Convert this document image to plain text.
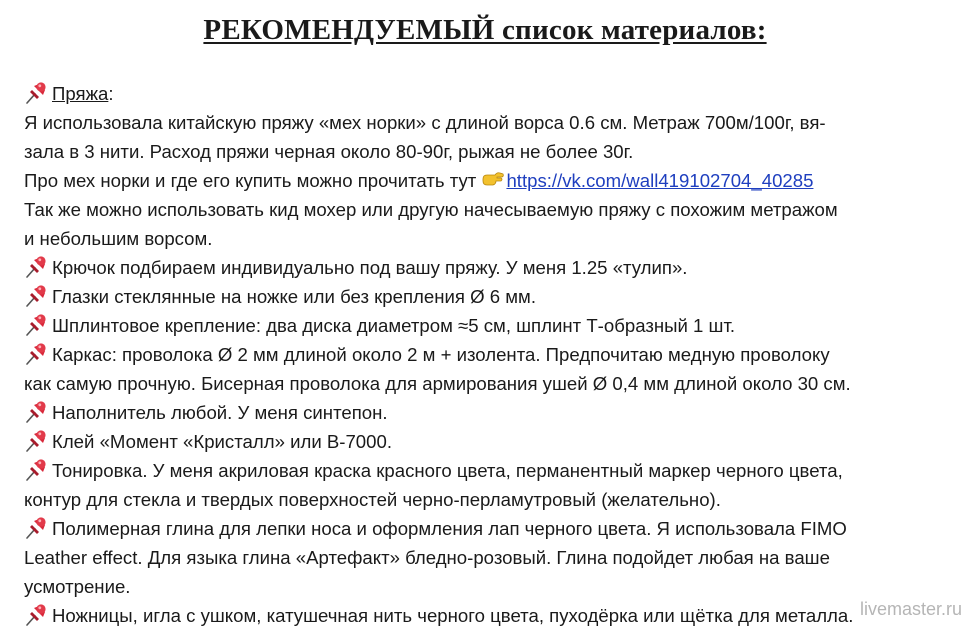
РЕКОМЕНДУЕМЫЙ список материалов:
Пряжа:
Я использовала китайскую пряжу «мех норки» с длиной ворса 0.6 см. Метраж 700м/100г, вя-
зала в 3 нити. Расход пряжи черная около 80-90г, рыжая не более 30г.
Про мех норки и где его купить можно прочитать тут
https://vk.com/wall419102704_40285
Так же можно использовать кид мохер или другую начесываемую пряжу с похожим метражом
и небольшим ворсом.
Крючок подбираем индивидуально под вашу пряжу. У меня 1.25 «тулип».
Глазки стеклянные на ножке или без крепления Ø 6 мм.
Шплинтовое крепление: два диска диаметром ≈5 см, шплинт Т-образный 1 шт.
Каркас: проволока Ø 2 мм длиной около 2 м + изолента. Предпочитаю медную проволоку
как самую прочную. Бисерная проволока для армирования ушей Ø 0,4 мм длиной около 30 см.
Наполнитель любой. У меня синтепон.
Клей «Момент «Кристалл» или В-7000.
Тонировка. У меня акриловая краска красного цвета, перманентный маркер черного цвета,
контур для стекла и твердых поверхностей черно-перламутровый (желательно).
Полимерная глина для лепки носа и оформления лап черного цвета. Я использовала FIMO
Leather effect. Для языка глина «Артефакт» бледно-розовый. Глина подойдет любая на ваше
усмотрение.
Ножницы, игла с ушком, катушечная нить черного цвета, пуходёрка или щётка для металла. livemaster.ru
